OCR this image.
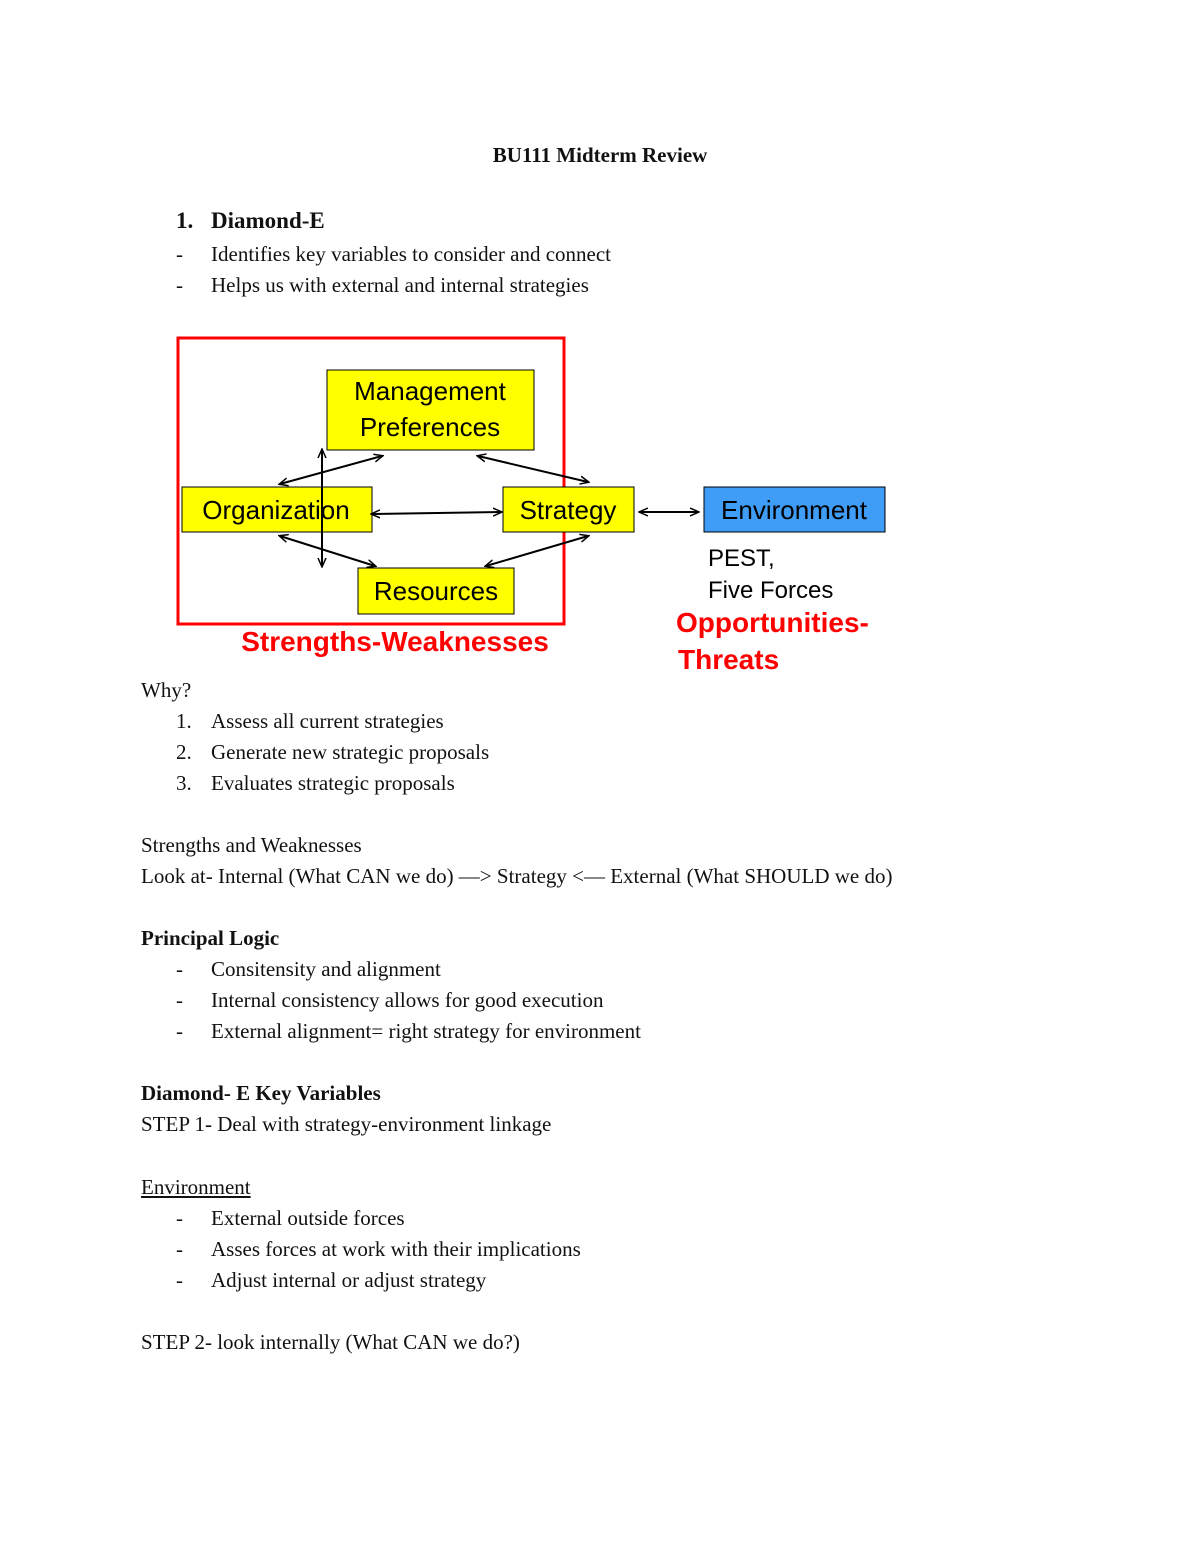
BU111 Midterm Review
1. Diamond-E
- Identifies key variables to consider and connect
- Helps us with external and internal strategies
Management
Preferences
Organization	Strategy
Resources
Environment
PEST,
Five Forces
Opportunities-
Threats
Strengths-Weaknesses
Why?
1. Assess all current strategies
2. Generate new strategic proposals
3. Evaluates strategic proposals
Strengths and Weaknesses
Look at- Internal (What CAN we do) —> Strategy <— External (What SHOULD we do)
Principal Logic
- Consitensity and alignment
- Internal consistency allows for good execution
- External alignment= right strategy for environment
Diamond- E Key Variables
STEP 1- Deal with strategy-environment linkage
Environment
- External outside forces
- Asses forces at work with their implications
- Adjust internal or adjust strategy
STEP 2- look internally (What CAN we do?)
